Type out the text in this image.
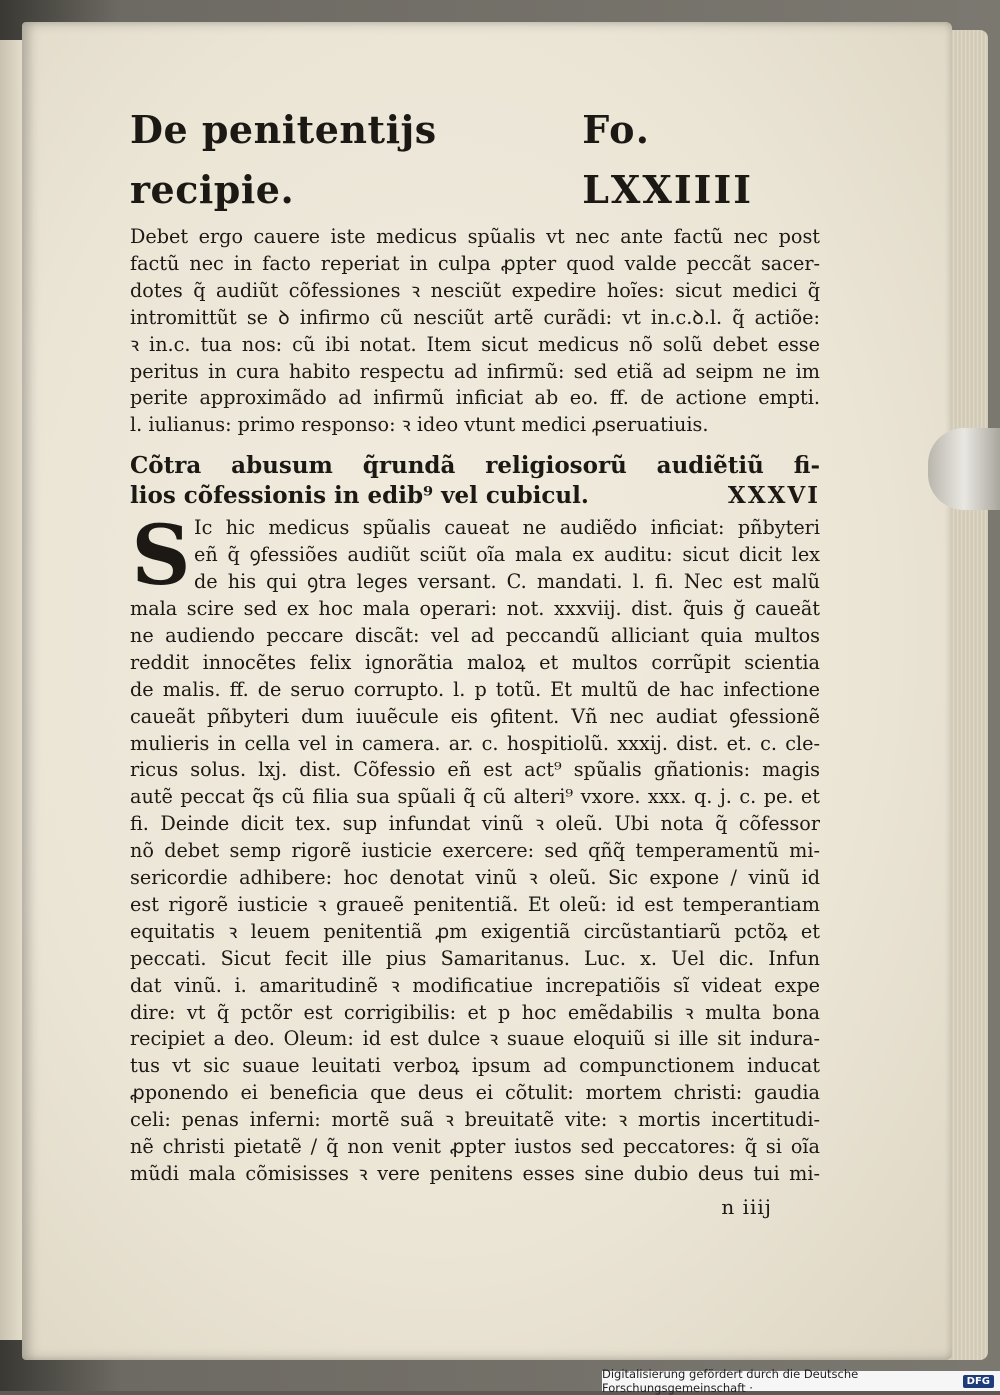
De penitentijs recipie.
Fo. LXXIIII
Debet ergo cauere iste medicus spũalis vt nec ante factũ nec post
factũ nec in facto reperiat in culpa ꝓpter quod valde peccãt sacer-
dotes q̃ audiũt cõfessiones ꝛ nesciũt expedire hoĩes: sicut medici q̃
intromittũt se ꝺ infirmo cũ nesciũt artẽ curãdi: vt in.c.ꝺ.l. q̃ actiõe:
ꝛ in.c. tua nos: cũ ibi notat. Item sicut medicus nõ solũ debet esse
peritus in cura habito respectu ad infirmũ: sed etiã ad seipm ne im
perite approximãdo ad infirmũ inficiat ab eo. ff. de actione empti.
l. iulianus: primo responso: ꝛ ideo vtunt medici ꝓseruatiuis.
Cõtra abusum q̃rundã religiosorũ audiẽtiũ fi-
lios cõfessionis in edib⁹ vel cubicul.	XXXVI
S Ic hic medicus spũalis caueat ne audiẽdo inficiat: pñbyteri
eñ q̃ ꝯfessiões audiũt sciũt oĩa mala ex auditu: sicut dicit lex
de his qui ꝯtra leges versant. C. mandati. l. fi. Nec est malũ
mala scire sed ex hoc mala operari: not. xxxviij. dist. q̃uis ğ caueãt
ne audiendo peccare discãt: vel ad peccandũ alliciant quia multos
reddit innocẽtes felix ignorãtia maloꝝ et multos corrũpit scientia
de malis. ff. de seruo corrupto. l. p totũ. Et multũ de hac infectione
caueãt pñbyteri dum iuuẽcule eis ꝯfitent. Vñ nec audiat ꝯfessionẽ
mulieris in cella vel in camera. ar. c. hospitiolũ. xxxij. dist. et. c. cle-
ricus solus. lxj. dist. Cõfessio eñ est act⁹ spũalis gñationis: magis
autẽ peccat q̃s cũ filia sua spũali q̃ cũ alteri⁹ vxore. xxx. q. j. c. pe. et
fi. Deinde dicit tex. sup infundat vinũ ꝛ oleũ. Ubi nota q̃ cõfessor
nõ debet semp rigorẽ iusticie exercere: sed qñq̃ temperamentũ mi-
sericordie adhibere: hoc denotat vinũ ꝛ oleũ. Sic expone / vinũ id
est rigorẽ iusticie ꝛ graueẽ penitentiã. Et oleũ: id est temperantiam
equitatis ꝛ leuem penitentiã ꝓm exigentiã circũstantiarũ pctõꝝ et
peccati. Sicut fecit ille pius Samaritanus. Luc. x. Uel dic. Infun
dat vinũ. i. amaritudinẽ ꝛ modificatiue increpatiõis sĩ videat expe
dire: vt q̃ pctõr est corrigibilis: et p hoc emẽdabilis ꝛ multa bona
recipiet a deo. Oleum: id est dulce ꝛ suaue eloquiũ si ille sit indura-
tus vt sic suaue leuitati verboꝝ ipsum ad compunctionem inducat
ꝓponendo ei beneficia que deus ei cõtulit: mortem christi: gaudia
celi: penas inferni: mortẽ suã ꝛ breuitatẽ vite: ꝛ mortis incertitudi-
nẽ christi pietatẽ / q̃ non venit ꝓpter iustos sed peccatores: q̃ si oĩa
mũdi mala cõmisisses ꝛ vere penitens esses sine dubio deus tui mi-
n iiij
Digitalisierung gefördert durch die Deutsche Forschungsgemeinschaft ·	DFG
